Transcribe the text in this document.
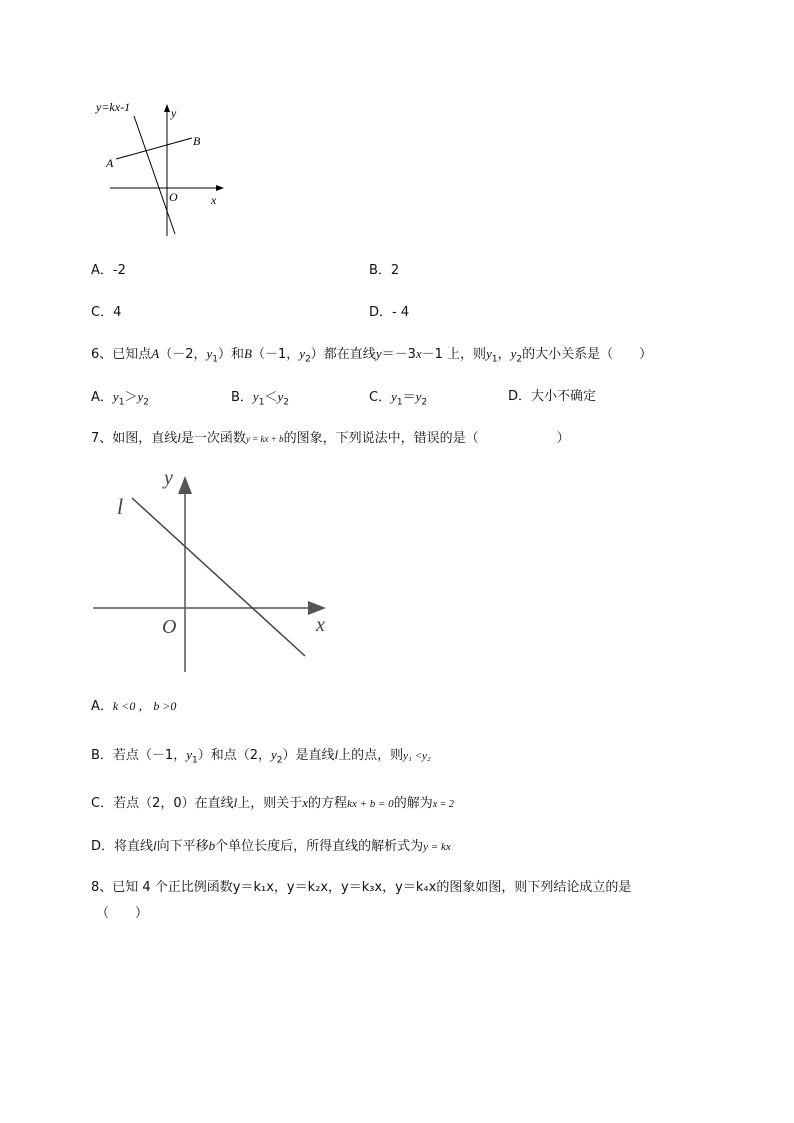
y=kx-1	y
x
O
A
B
A．-2	B．2
C．4	D．- 4
6、已知点A（－2，$y_1$）和B（－1，$y_2$）都在直线y＝－3x－1 上，则$y_1$，$y_2$的大小关系是（　　）
A．$y_1>y_2$	B．$y_1<y_2$	C．$y_1=y_2$	D．大小不确定
7、如图，直线l是一次函数y = kx + b的图象，下列说法中，错误的是（　　　　　　）
y
x
O
l
A．k <0 ， b >0
B．若点（－1，$y_1$）和点（2，$y_2$）是直线l上的点，则y₁ <y₂
C．若点（2，0）在直线l上，则关于x的方程kx + b = 0的解为x = 2
D．将直线l向下平移b个单位长度后，所得直线的解析式为y = kx
8、已知 4 个正比例函数y＝k₁x，y＝k₂x，y＝k₃x，y＝k₄x的图象如图，则下列结论成立的是
（　　）
